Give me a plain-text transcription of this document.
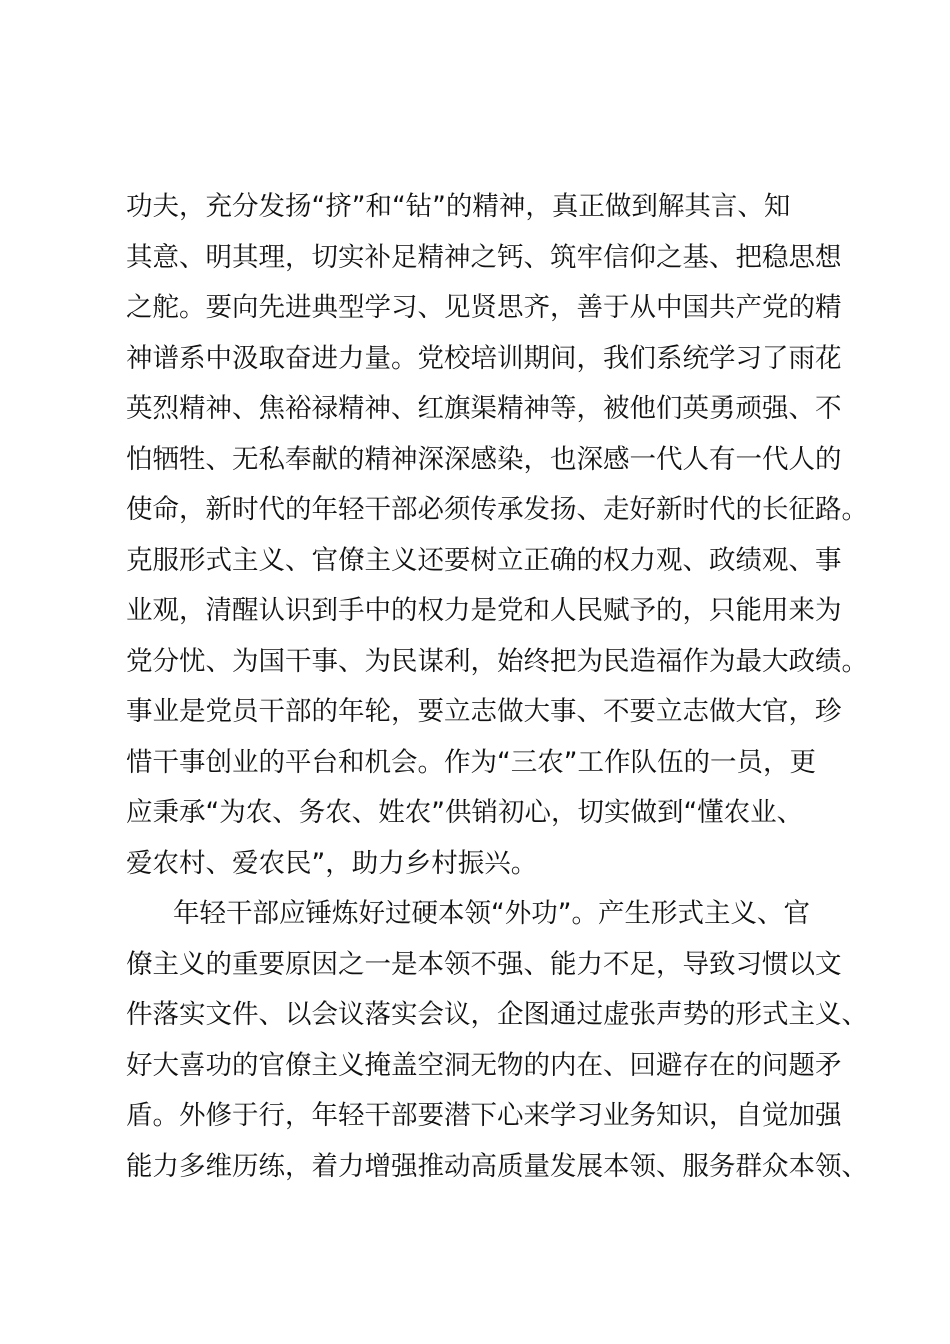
功夫，充分发扬“挤”和“钻”的精神，真正做到解其言、知
其意、明其理，切实补足精神之钙、筑牢信仰之基、把稳思想
之舵。要向先进典型学习、见贤思齐，善于从中国共产党的精
神谱系中汲取奋进力量。党校培训期间，我们系统学习了雨花
英烈精神、焦裕禄精神、红旗渠精神等，被他们英勇顽强、不
怕牺牲、无私奉献的精神深深感染，也深感一代人有一代人的
使命，新时代的年轻干部必须传承发扬、走好新时代的长征路。
克服形式主义、官僚主义还要树立正确的权力观、政绩观、事
业观，清醒认识到手中的权力是党和人民赋予的，只能用来为
党分忧、为国干事、为民谋利，始终把为民造福作为最大政绩。
事业是党员干部的年轮，要立志做大事、不要立志做大官，珍
惜干事创业的平台和机会。作为“三农”工作队伍的一员，更
应秉承“为农、务农、姓农”供销初心，切实做到“懂农业、
爱农村、爱农民”，助力乡村振兴。
年轻干部应锤炼好过硬本领“外功”。产生形式主义、官
僚主义的重要原因之一是本领不强、能力不足，导致习惯以文
件落实文件、以会议落实会议，企图通过虚张声势的形式主义、
好大喜功的官僚主义掩盖空洞无物的内在、回避存在的问题矛
盾。外修于行，年轻干部要潜下心来学习业务知识，自觉加强
能力多维历练，着力增强推动高质量发展本领、服务群众本领、
